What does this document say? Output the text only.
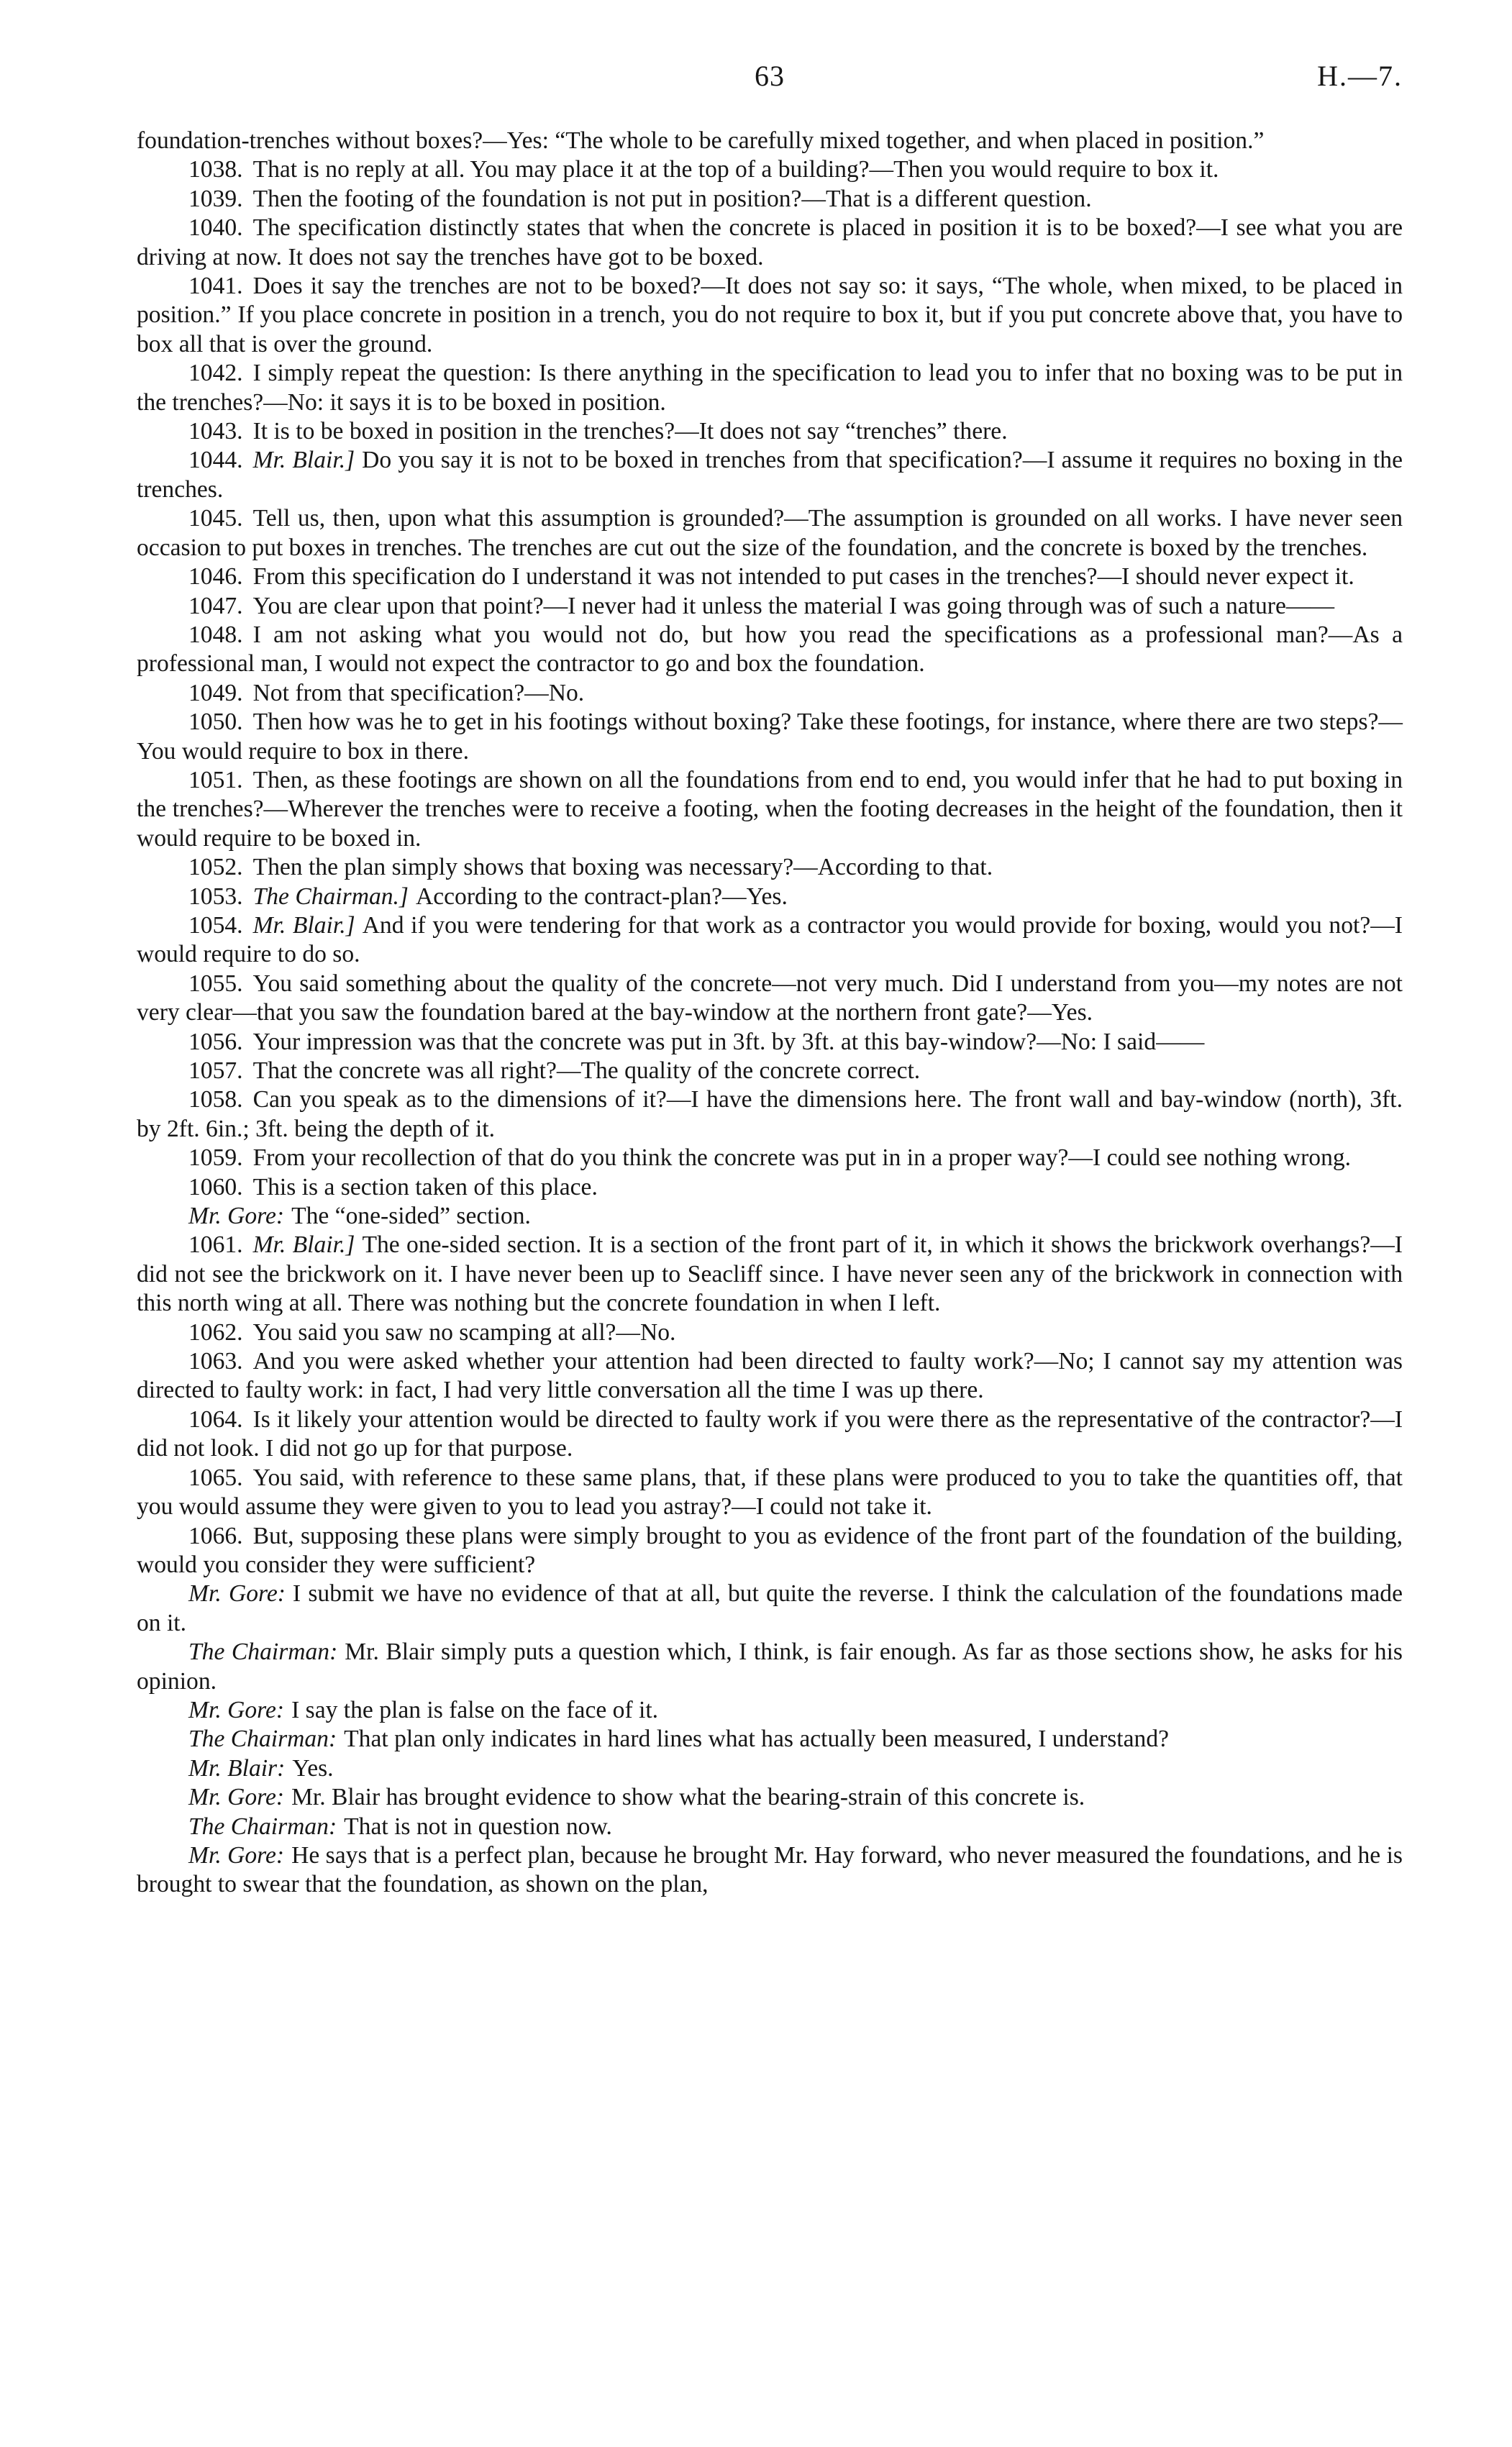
63	H.—7.

foundation-trenches without boxes?—Yes: “The whole to be carefully mixed together, and when placed in position.”

1038. That is no reply at all. You may place it at the top of a building?—Then you would require to box it.

1039. Then the footing of the foundation is not put in position?—That is a different question.

1040. The specification distinctly states that when the concrete is placed in position it is to be boxed?—I see what you are driving at now. It does not say the trenches have got to be boxed.

1041. Does it say the trenches are not to be boxed?—It does not say so: it says, “The whole, when mixed, to be placed in position.” If you place concrete in position in a trench, you do not require to box it, but if you put concrete above that, you have to box all that is over the ground.

1042. I simply repeat the question: Is there anything in the specification to lead you to infer that no boxing was to be put in the trenches?—No: it says it is to be boxed in position.

1043. It is to be boxed in position in the trenches?—It does not say “trenches” there.

1044. Mr. Blair.] Do you say it is not to be boxed in trenches from that specification?—I assume it requires no boxing in the trenches.

1045. Tell us, then, upon what this assumption is grounded?—The assumption is grounded on all works. I have never seen occasion to put boxes in trenches. The trenches are cut out the size of the foundation, and the concrete is boxed by the trenches.

1046. From this specification do I understand it was not intended to put cases in the trenches?—I should never expect it.

1047. You are clear upon that point?—I never had it unless the material I was going through was of such a nature——

1048. I am not asking what you would not do, but how you read the specifications as a professional man?—As a professional man, I would not expect the contractor to go and box the foundation.

1049. Not from that specification?—No.

1050. Then how was he to get in his footings without boxing? Take these footings, for instance, where there are two steps?—You would require to box in there.

1051. Then, as these footings are shown on all the foundations from end to end, you would infer that he had to put boxing in the trenches?—Wherever the trenches were to receive a footing, when the footing decreases in the height of the foundation, then it would require to be boxed in.

1052. Then the plan simply shows that boxing was necessary?—According to that.

1053. The Chairman.] According to the contract-plan?—Yes.

1054. Mr. Blair.] And if you were tendering for that work as a contractor you would provide for boxing, would you not?—I would require to do so.

1055. You said something about the quality of the concrete—not very much. Did I understand from you—my notes are not very clear—that you saw the foundation bared at the bay-window at the northern front gate?—Yes.

1056. Your impression was that the concrete was put in 3ft. by 3ft. at this bay-window?—No: I said——

1057. That the concrete was all right?—The quality of the concrete correct.

1058. Can you speak as to the dimensions of it?—I have the dimensions here. The front wall and bay-window (north), 3ft. by 2ft. 6in.; 3ft. being the depth of it.

1059. From your recollection of that do you think the concrete was put in in a proper way?—I could see nothing wrong.

1060. This is a section taken of this place.

Mr. Gore: The “one-sided” section.

1061. Mr. Blair.] The one-sided section. It is a section of the front part of it, in which it shows the brickwork overhangs?—I did not see the brickwork on it. I have never been up to Seacliff since. I have never seen any of the brickwork in connection with this north wing at all. There was nothing but the concrete foundation in when I left.

1062. You said you saw no scamping at all?—No.

1063. And you were asked whether your attention had been directed to faulty work?—No; I cannot say my attention was directed to faulty work: in fact, I had very little conversation all the time I was up there.

1064. Is it likely your attention would be directed to faulty work if you were there as the representative of the contractor?—I did not look. I did not go up for that purpose.

1065. You said, with reference to these same plans, that, if these plans were produced to you to take the quantities off, that you would assume they were given to you to lead you astray?—I could not take it.

1066. But, supposing these plans were simply brought to you as evidence of the front part of the foundation of the building, would you consider they were sufficient?

Mr. Gore: I submit we have no evidence of that at all, but quite the reverse. I think the calculation of the foundations made on it.

The Chairman: Mr. Blair simply puts a question which, I think, is fair enough. As far as those sections show, he asks for his opinion.

Mr. Gore: I say the plan is false on the face of it.

The Chairman: That plan only indicates in hard lines what has actually been measured, I understand?

Mr. Blair: Yes.

Mr. Gore: Mr. Blair has brought evidence to show what the bearing-strain of this concrete is.

The Chairman: That is not in question now.

Mr. Gore: He says that is a perfect plan, because he brought Mr. Hay forward, who never measured the foundations, and he is brought to swear that the foundation, as shown on the plan,
